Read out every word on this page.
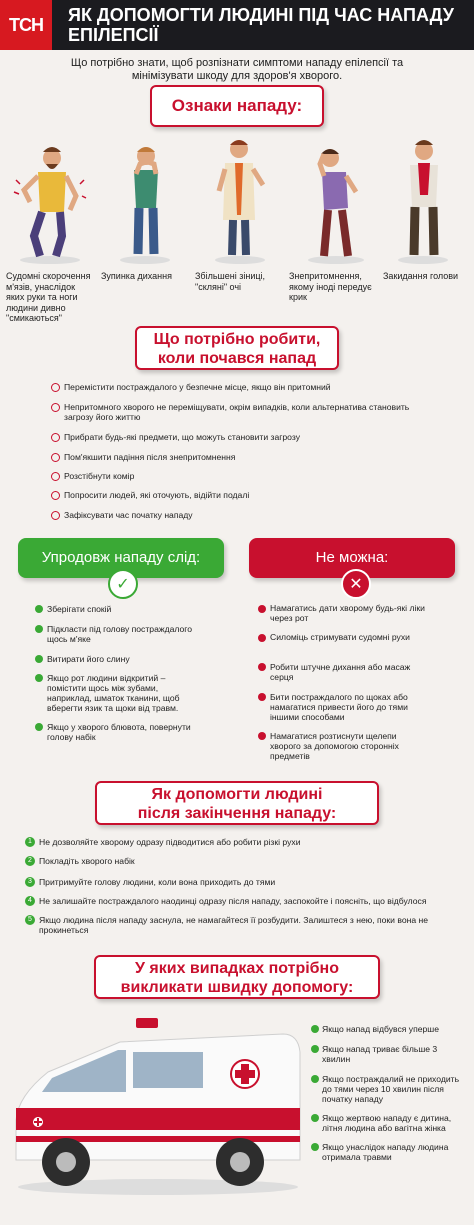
ТСН	ЯК ДОПОМОГТИ ЛЮДИНІ ПІД ЧАС НАПАДУ ЕПІЛЕПСІЇ
Що потрібно знати, щоб розпізнати симптоми нападу епілепсії та мінімізувати шкоду для здоров'я хворого.
Ознаки нападу:
Судомні скорочення м'язів, унаслідок яких руки та ноги людини дивно "смикаються"
Зупинка дихання	Збільшені зіниці, "скляні" очі
Знепритомнення, якому іноді передує крик
Закидання голови
Що потрібно робити,
коли почався напад
Перемістити постраждалого у безпечне місце, якщо він притомний
Непритомного хворого не переміщувати, окрім випадків, коли альтернатива становить загрозу його життю
Прибрати будь-які предмети, що можуть становити загрозу
Пом'якшити падіння після знепритомнення
Розстібнути комір
Попросити людей, які оточують, відійти подалі
Зафіксувати час початку нападу
Упродовж нападу слід:
✓
Не можна:
✕
Зберігати спокій
Підкласти під голову постраждалого щось м'яке
Витирати його слину
Якщо рот людини відкритий – помістити щось між зубами, наприклад, шматок тканини, щоб вберегти язик та щоки від травм.
Якщо у хворого блювота, повернути голову набік
Намагатись дати хворому будь-які ліки через рот
Силоміць стримувати судомні рухи
Робити штучне дихання або масаж серця
Бити постраждалого по щоках або намагатися привести його до тями іншими способами
Намагатися розтиснути щелепи хворого за допомогою сторонніх предметів
Як допомогти людині
після закінчення нападу:
1 Не дозволяйте хворому одразу підводитися або робити різкі рухи
2 Покладіть хворого набік
3 Притримуйте голову людини, коли вона приходить до тями
4 Не залишайте постраждалого наодинці одразу після нападу, заспокойте і поясніть, що відбулося
5 Якщо людина після нападу заснула, не намагайтеся її розбудити. Залиштеся з нею, поки вона не прокинеться
У яких випадках потрібно
викликати швидку допомогу:
Якщо напад відбувся уперше
Якщо напад триває більше 3 хвилин
Якщо постраждалий не приходить до тями через 10 хвилин після початку нападу
Якщо жертвою нападу є дитина, літня людина або вагітна жінка
Якщо унаслідок нападу людина отримала травми
